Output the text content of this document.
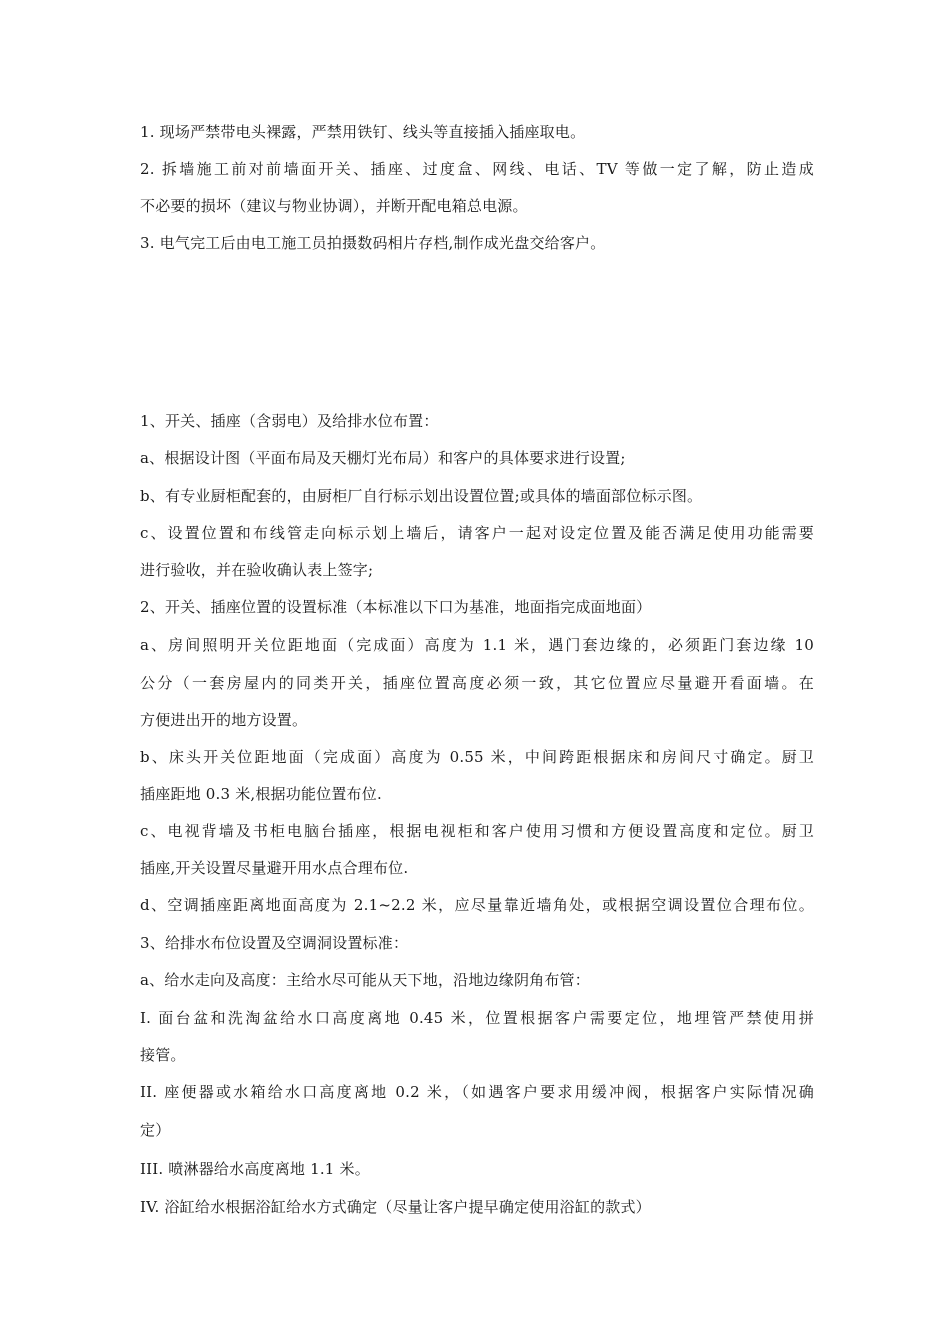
1. 现场严禁带电头裸露，严禁用铁钉、线头等直接插入插座取电。
2. 拆墙施工前对前墙面开关、插座、过度盒、网线、电话、TV 等做一定了解，防止造成
不必要的损坏（建议与物业协调），并断开配电箱总电源。
3. 电气完工后由电工施工员拍摄数码相片存档,制作成光盘交给客户。
1、开关、插座（含弱电）及给排水位布置：
a、根据设计图（平面布局及天棚灯光布局）和客户的具体要求进行设置;
b、有专业厨柜配套的，由厨柜厂自行标示划出设置位置;或具体的墙面部位标示图。
c、设置位置和布线管走向标示划上墙后，请客户一起对设定位置及能否满足使用功能需要
进行验收，并在验收确认表上签字;
2、开关、插座位置的设置标准（本标准以下口为基准，地面指完成面地面）
a、房间照明开关位距地面（完成面）高度为 1.1 米，遇门套边缘的，必须距门套边缘 10
公分（一套房屋内的同类开关，插座位置高度必须一致，其它位置应尽量避开看面墙。在
方便进出开的地方设置。
b、床头开关位距地面（完成面）高度为 0.55 米，中间跨距根据床和房间尺寸确定。厨卫
插座距地 0.3 米,根据功能位置布位.
c、电视背墙及书柜电脑台插座，根据电视柜和客户使用习惯和方便设置高度和定位。厨卫
插座,开关设置尽量避开用水点合理布位.
d、空调插座距离地面高度为 2.1~2.2 米，应尽量靠近墙角处，或根据空调设置位合理布位。
3、给排水布位设置及空调洞设置标准：
a、给水走向及高度：主给水尽可能从天下地，沿地边缘阴角布管：
I. 面台盆和洗淘盆给水口高度离地 0.45 米，位置根据客户需要定位，地埋管严禁使用拼
接管。
II. 座便器或水箱给水口高度离地 0.2 米，（如遇客户要求用缓冲阀，根据客户实际情况确
定）
III. 喷淋器给水高度离地 1.1 米。
IV. 浴缸给水根据浴缸给水方式确定（尽量让客户提早确定使用浴缸的款式）
